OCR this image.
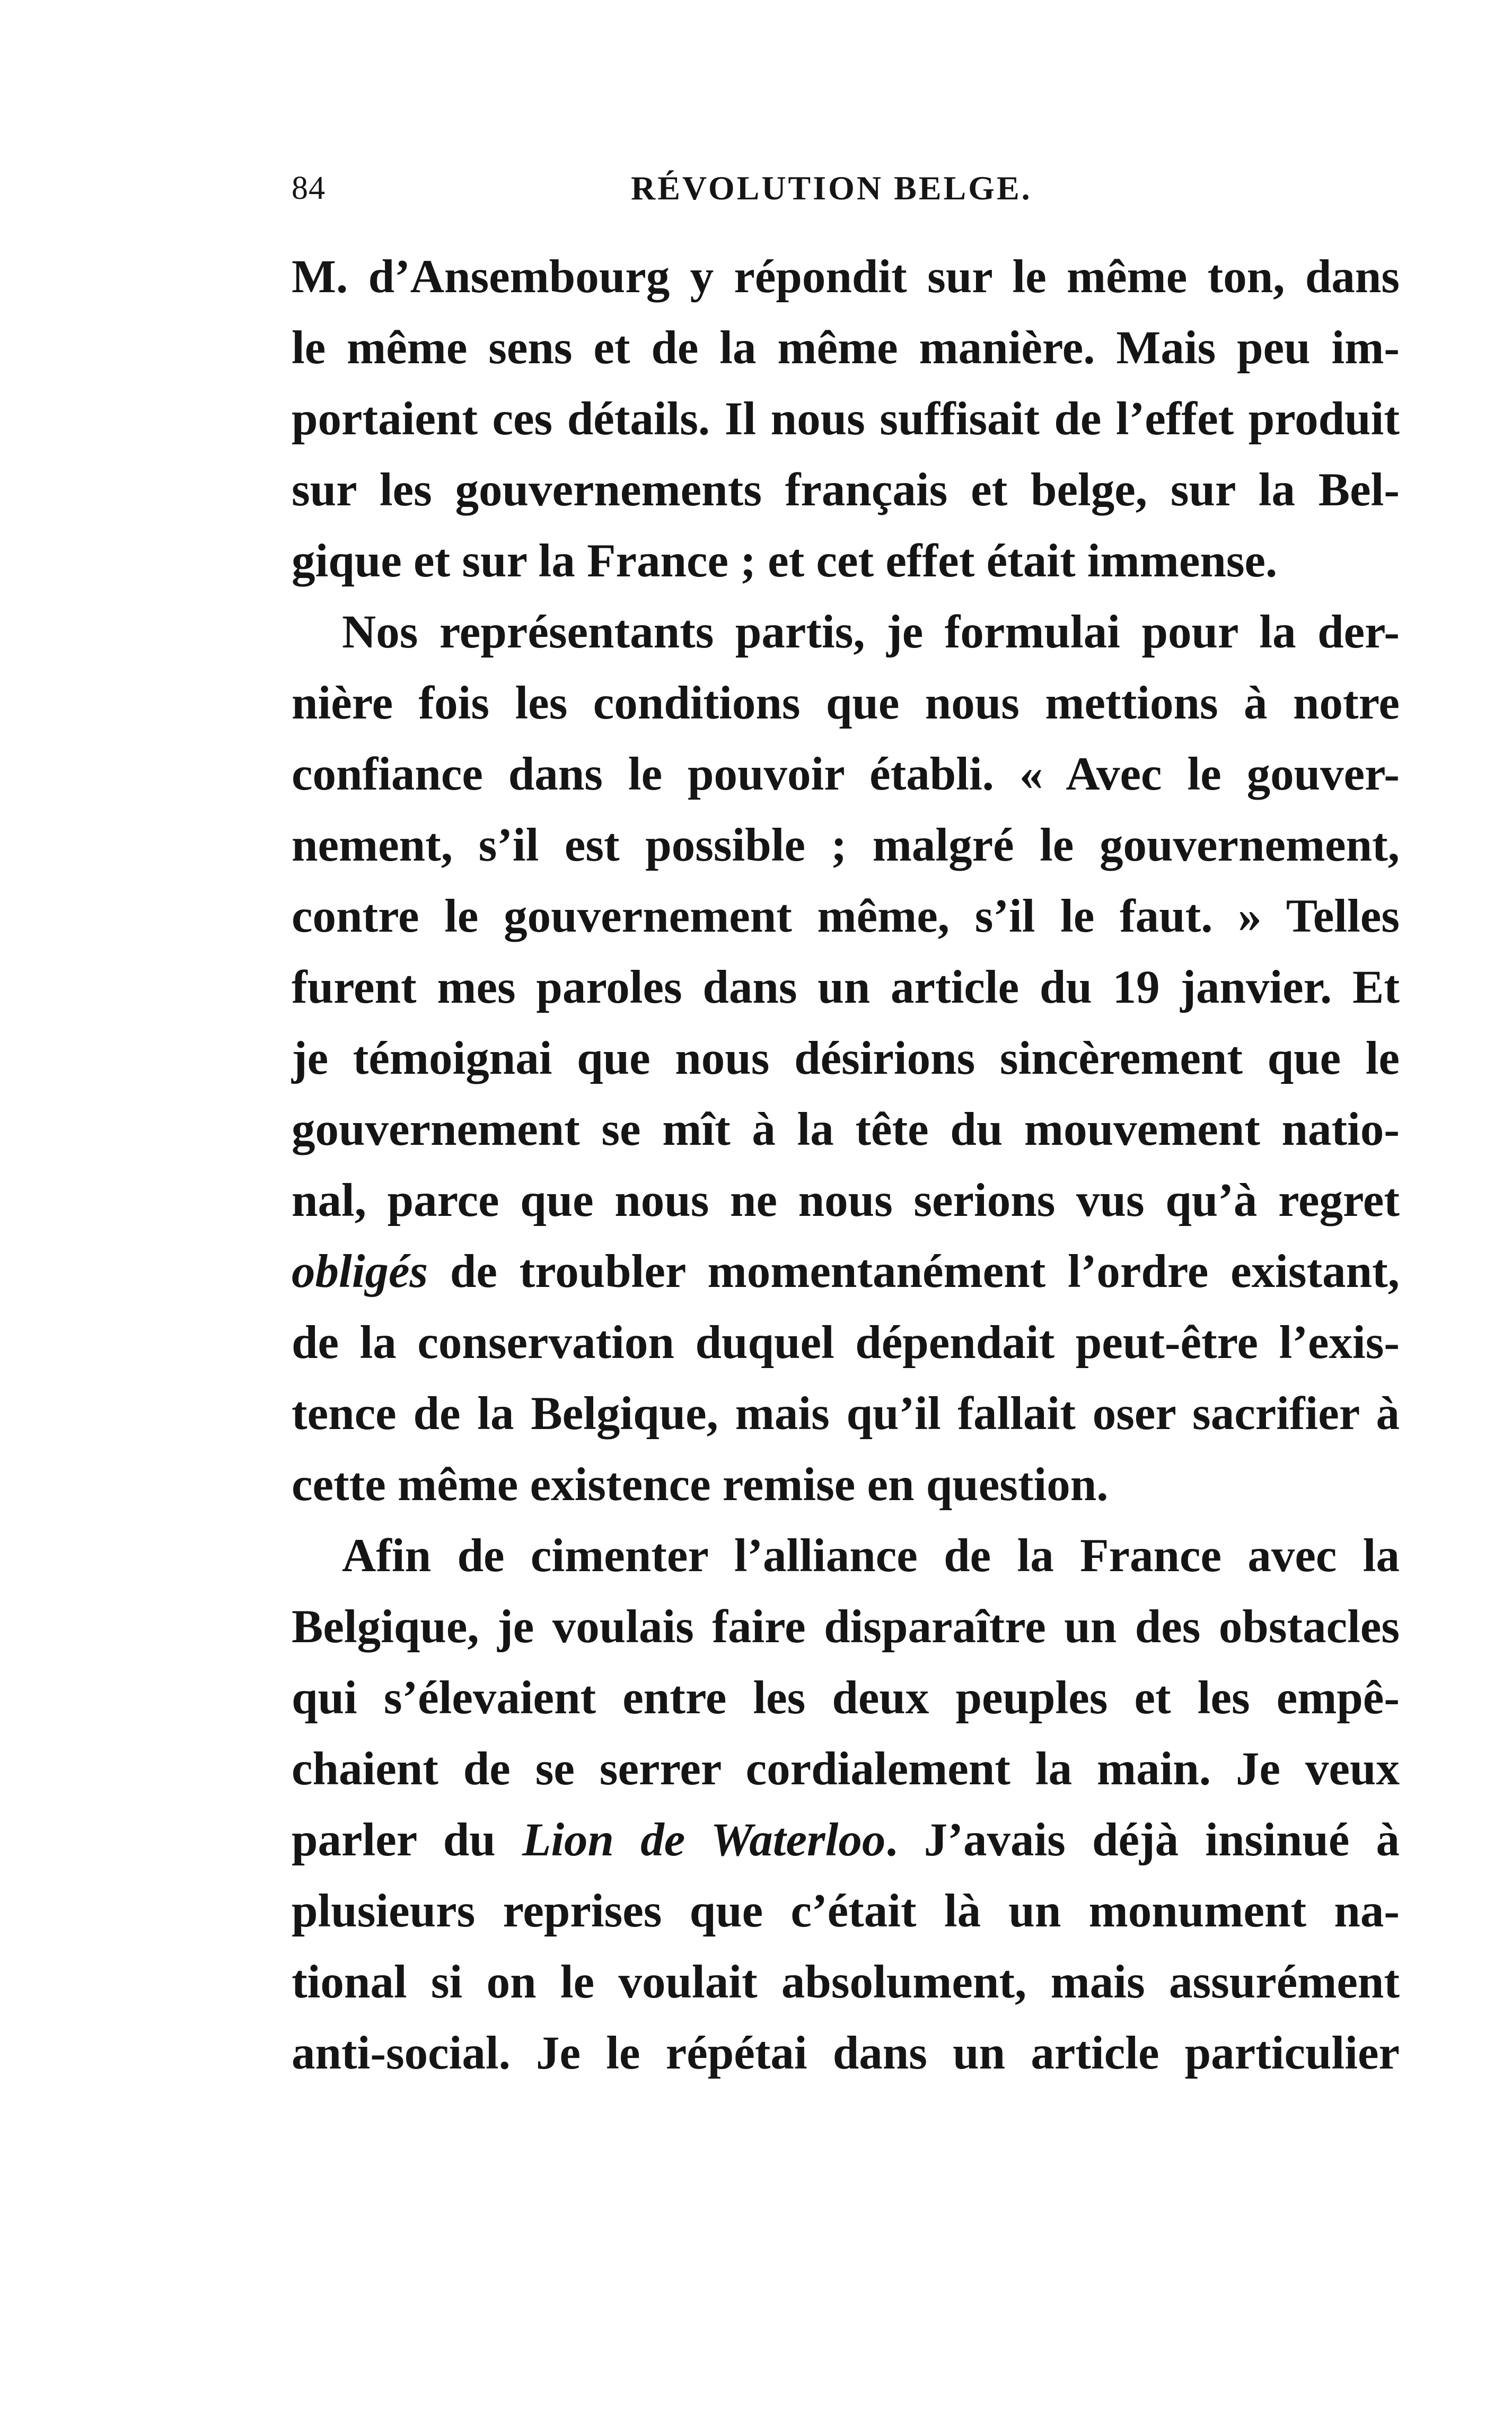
84	RÉVOLUTION BELGE.
M. d’Ansembourg y répondit sur le même ton, dans
le même sens et de la même manière. Mais peu im-
portaient ces détails. Il nous suffisait de l’effet produit
sur les gouvernements français et belge, sur la Bel-
gique et sur la France ; et cet effet était immense.
Nos représentants partis, je formulai pour la der-
nière fois les conditions que nous mettions à notre
confiance dans le pouvoir établi. « Avec le gouver-
nement, s’il est possible ; malgré le gouvernement,
contre le gouvernement même, s’il le faut. » Telles
furent mes paroles dans un article du 19 janvier. Et
je témoignai que nous désirions sincèrement que le
gouvernement se mît à la tête du mouvement natio-
nal, parce que nous ne nous serions vus qu’à regret
obligés de troubler momentanément l’ordre existant,
de la conservation duquel dépendait peut-être l’exis-
tence de la Belgique, mais qu’il fallait oser sacrifier à
cette même existence remise en question.
Afin de cimenter l’alliance de la France avec la
Belgique, je voulais faire disparaître un des obstacles
qui s’élevaient entre les deux peuples et les empê-
chaient de se serrer cordialement la main. Je veux
parler du Lion de Waterloo. J’avais déjà insinué à
plusieurs reprises que c’était là un monument na-
tional si on le voulait absolument, mais assurément
anti-social. Je le répétai dans un article particulier
